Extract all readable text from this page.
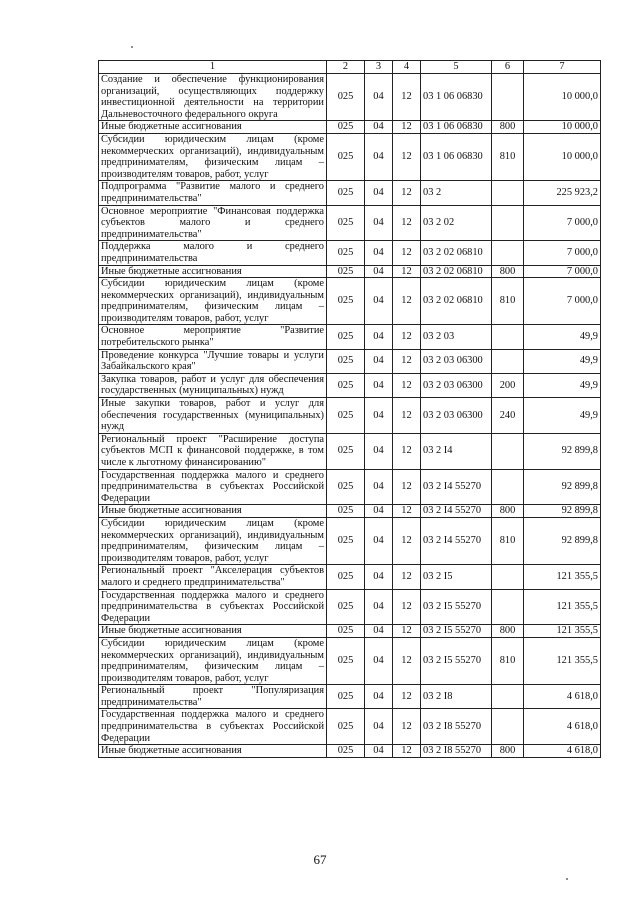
1	2	3	4	5	6	7
Создание и обеспечение функционирования организаций, осуществляющих поддержку инвестиционной деятельности на территории Дальневосточного федерального округа	025	04	12	03 1 06 06830		10 000,0
Иные бюджетные ассигнования	025	04	12	03 1 06 06830	800	10 000,0
Субсидии юридическим лицам (кроме некоммерческих организаций), индивидуальным предпринимателям, физическим лицам – производителям товаров, работ, услуг	025	04	12	03 1 06 06830	810	10 000,0
Подпрограмма "Развитие малого и среднего предпринимательства"	025	04	12	03 2		225 923,2
Основное мероприятие "Финансовая поддержка субъектов малого и среднего предпринимательства"	025	04	12	03 2 02		7 000,0
Поддержка малого и среднего предпринимательства	025	04	12	03 2 02 06810		7 000,0
Иные бюджетные ассигнования	025	04	12	03 2 02 06810	800	7 000,0
Субсидии юридическим лицам (кроме некоммерческих организаций), индивидуальным предпринимателям, физическим лицам – производителям товаров, работ, услуг	025	04	12	03 2 02 06810	810	7 000,0
Основное мероприятие "Развитие потребительского рынка"	025	04	12	03 2 03		49,9
Проведение конкурса "Лучшие товары и услуги Забайкальского края"	025	04	12	03 2 03 06300		49,9
Закупка товаров, работ и услуг для обеспечения государственных (муниципальных) нужд	025	04	12	03 2 03 06300	200	49,9
Иные закупки товаров, работ и услуг для обеспечения государственных (муниципальных) нужд	025	04	12	03 2 03 06300	240	49,9
Региональный проект "Расширение доступа субъектов МСП к финансовой поддержке, в том числе к льготному финансированию"	025	04	12	03 2 I4		92 899,8
Государственная поддержка малого и среднего предпринимательства в субъектах Российской Федерации	025	04	12	03 2 I4 55270		92 899,8
Иные бюджетные ассигнования	025	04	12	03 2 I4 55270	800	92 899,8
Субсидии юридическим лицам (кроме некоммерческих организаций), индивидуальным предпринимателям, физическим лицам – производителям товаров, работ, услуг	025	04	12	03 2 I4 55270	810	92 899,8
Региональный проект "Акселерация субъектов малого и среднего предпринимательства"	025	04	12	03 2 I5		121 355,5
Государственная поддержка малого и среднего предпринимательства в субъектах Российской Федерации	025	04	12	03 2 I5 55270		121 355,5
Иные бюджетные ассигнования	025	04	12	03 2 I5 55270	800	121 355,5
Субсидии юридическим лицам (кроме некоммерческих организаций), индивидуальным предпринимателям, физическим лицам – производителям товаров, работ, услуг	025	04	12	03 2 I5 55270	810	121 355,5
Региональный проект "Популяризация предпринимательства"	025	04	12	03 2 I8		4 618,0
Государственная поддержка малого и среднего предпринимательства в субъектах Российской Федерации	025	04	12	03 2 I8 55270		4 618,0
Иные бюджетные ассигнования	025	04	12	03 2 I8 55270	800	4 618,0
67
